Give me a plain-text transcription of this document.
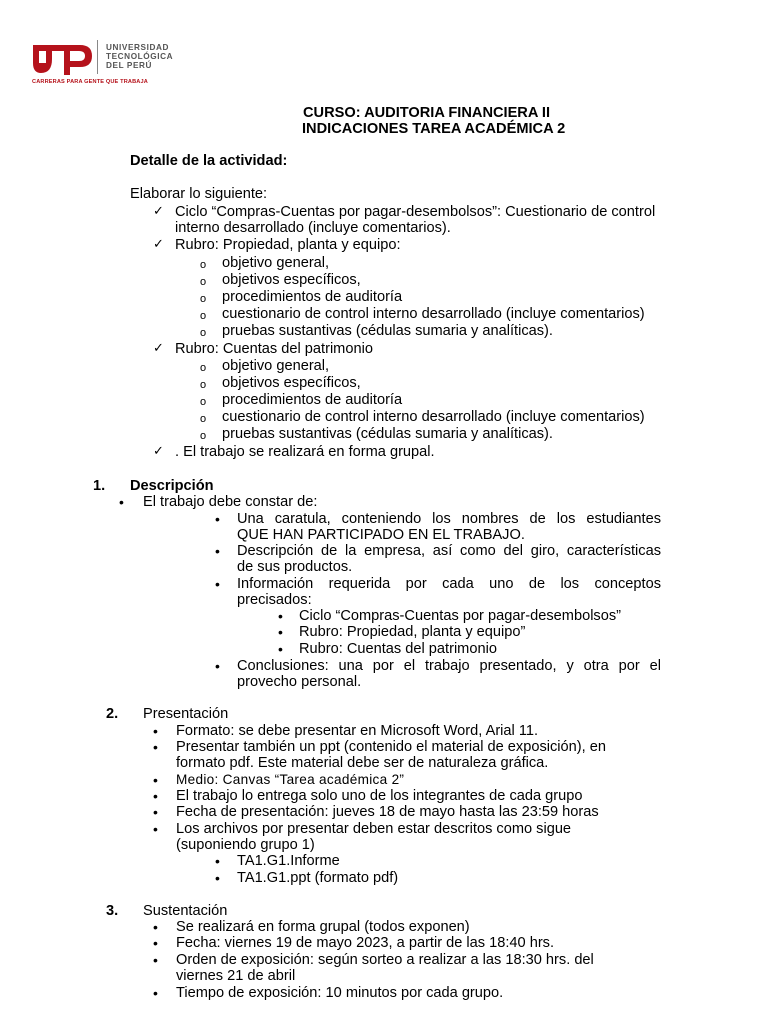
UNIVERSIDAD
TECNOLÓGICA
DEL PERÚ
CARRERAS PARA GENTE QUE TRABAJA
CURSO: AUDITORIA FINANCIERA II
INDICACIONES TAREA ACADÉMICA 2
Detalle de la actividad:
Elaborar lo siguiente:
✓ Ciclo “Compras-Cuentas por pagar-desembolsos”: Cuestionario de control
interno desarrollado (incluye comentarios).
✓ Rubro: Propiedad, planta y equipo:
o objetivo general,
o objetivos específicos,
o procedimientos de auditoría
o cuestionario de control interno desarrollado (incluye comentarios)
o pruebas sustantivas (cédulas sumaria y analíticas).
✓ Rubro: Cuentas del patrimonio
o objetivo general,
o objetivos específicos,
o procedimientos de auditoría
o cuestionario de control interno desarrollado (incluye comentarios)
o pruebas sustantivas (cédulas sumaria y analíticas).
✓ . El trabajo se realizará en forma grupal.
1. Descripción
• El trabajo debe constar de:
• Una caratula, conteniendo los nombres de los estudiantes
QUE HAN PARTICIPADO EN EL TRABAJO.
• Descripción de la empresa, así como del giro, características
de sus productos.
• Información requerida por cada uno de los conceptos
precisados:
• Ciclo “Compras-Cuentas por pagar-desembolsos”
• Rubro: Propiedad, planta y equipo”
• Rubro: Cuentas del patrimonio
• Conclusiones: una por el trabajo presentado, y otra por el
provecho personal.
2. Presentación
• Formato: se debe presentar en Microsoft Word, Arial 11.
• Presentar también un ppt (contenido el material de exposición), en
formato pdf. Este material debe ser de naturaleza gráfica.
• Medio: Canvas “Tarea académica 2”
• El trabajo lo entrega solo uno de los integrantes de cada grupo
• Fecha de presentación: jueves 18 de mayo hasta las 23:59 horas
• Los archivos por presentar deben estar descritos como sigue
(suponiendo grupo 1)
• TA1.G1.Informe
• TA1.G1.ppt (formato pdf)
3. Sustentación
• Se realizará en forma grupal (todos exponen)
• Fecha: viernes 19 de mayo 2023, a partir de las 18:40 hrs.
• Orden de exposición: según sorteo a realizar a las 18:30 hrs. del
viernes 21 de abril
• Tiempo de exposición: 10 minutos por cada grupo.
